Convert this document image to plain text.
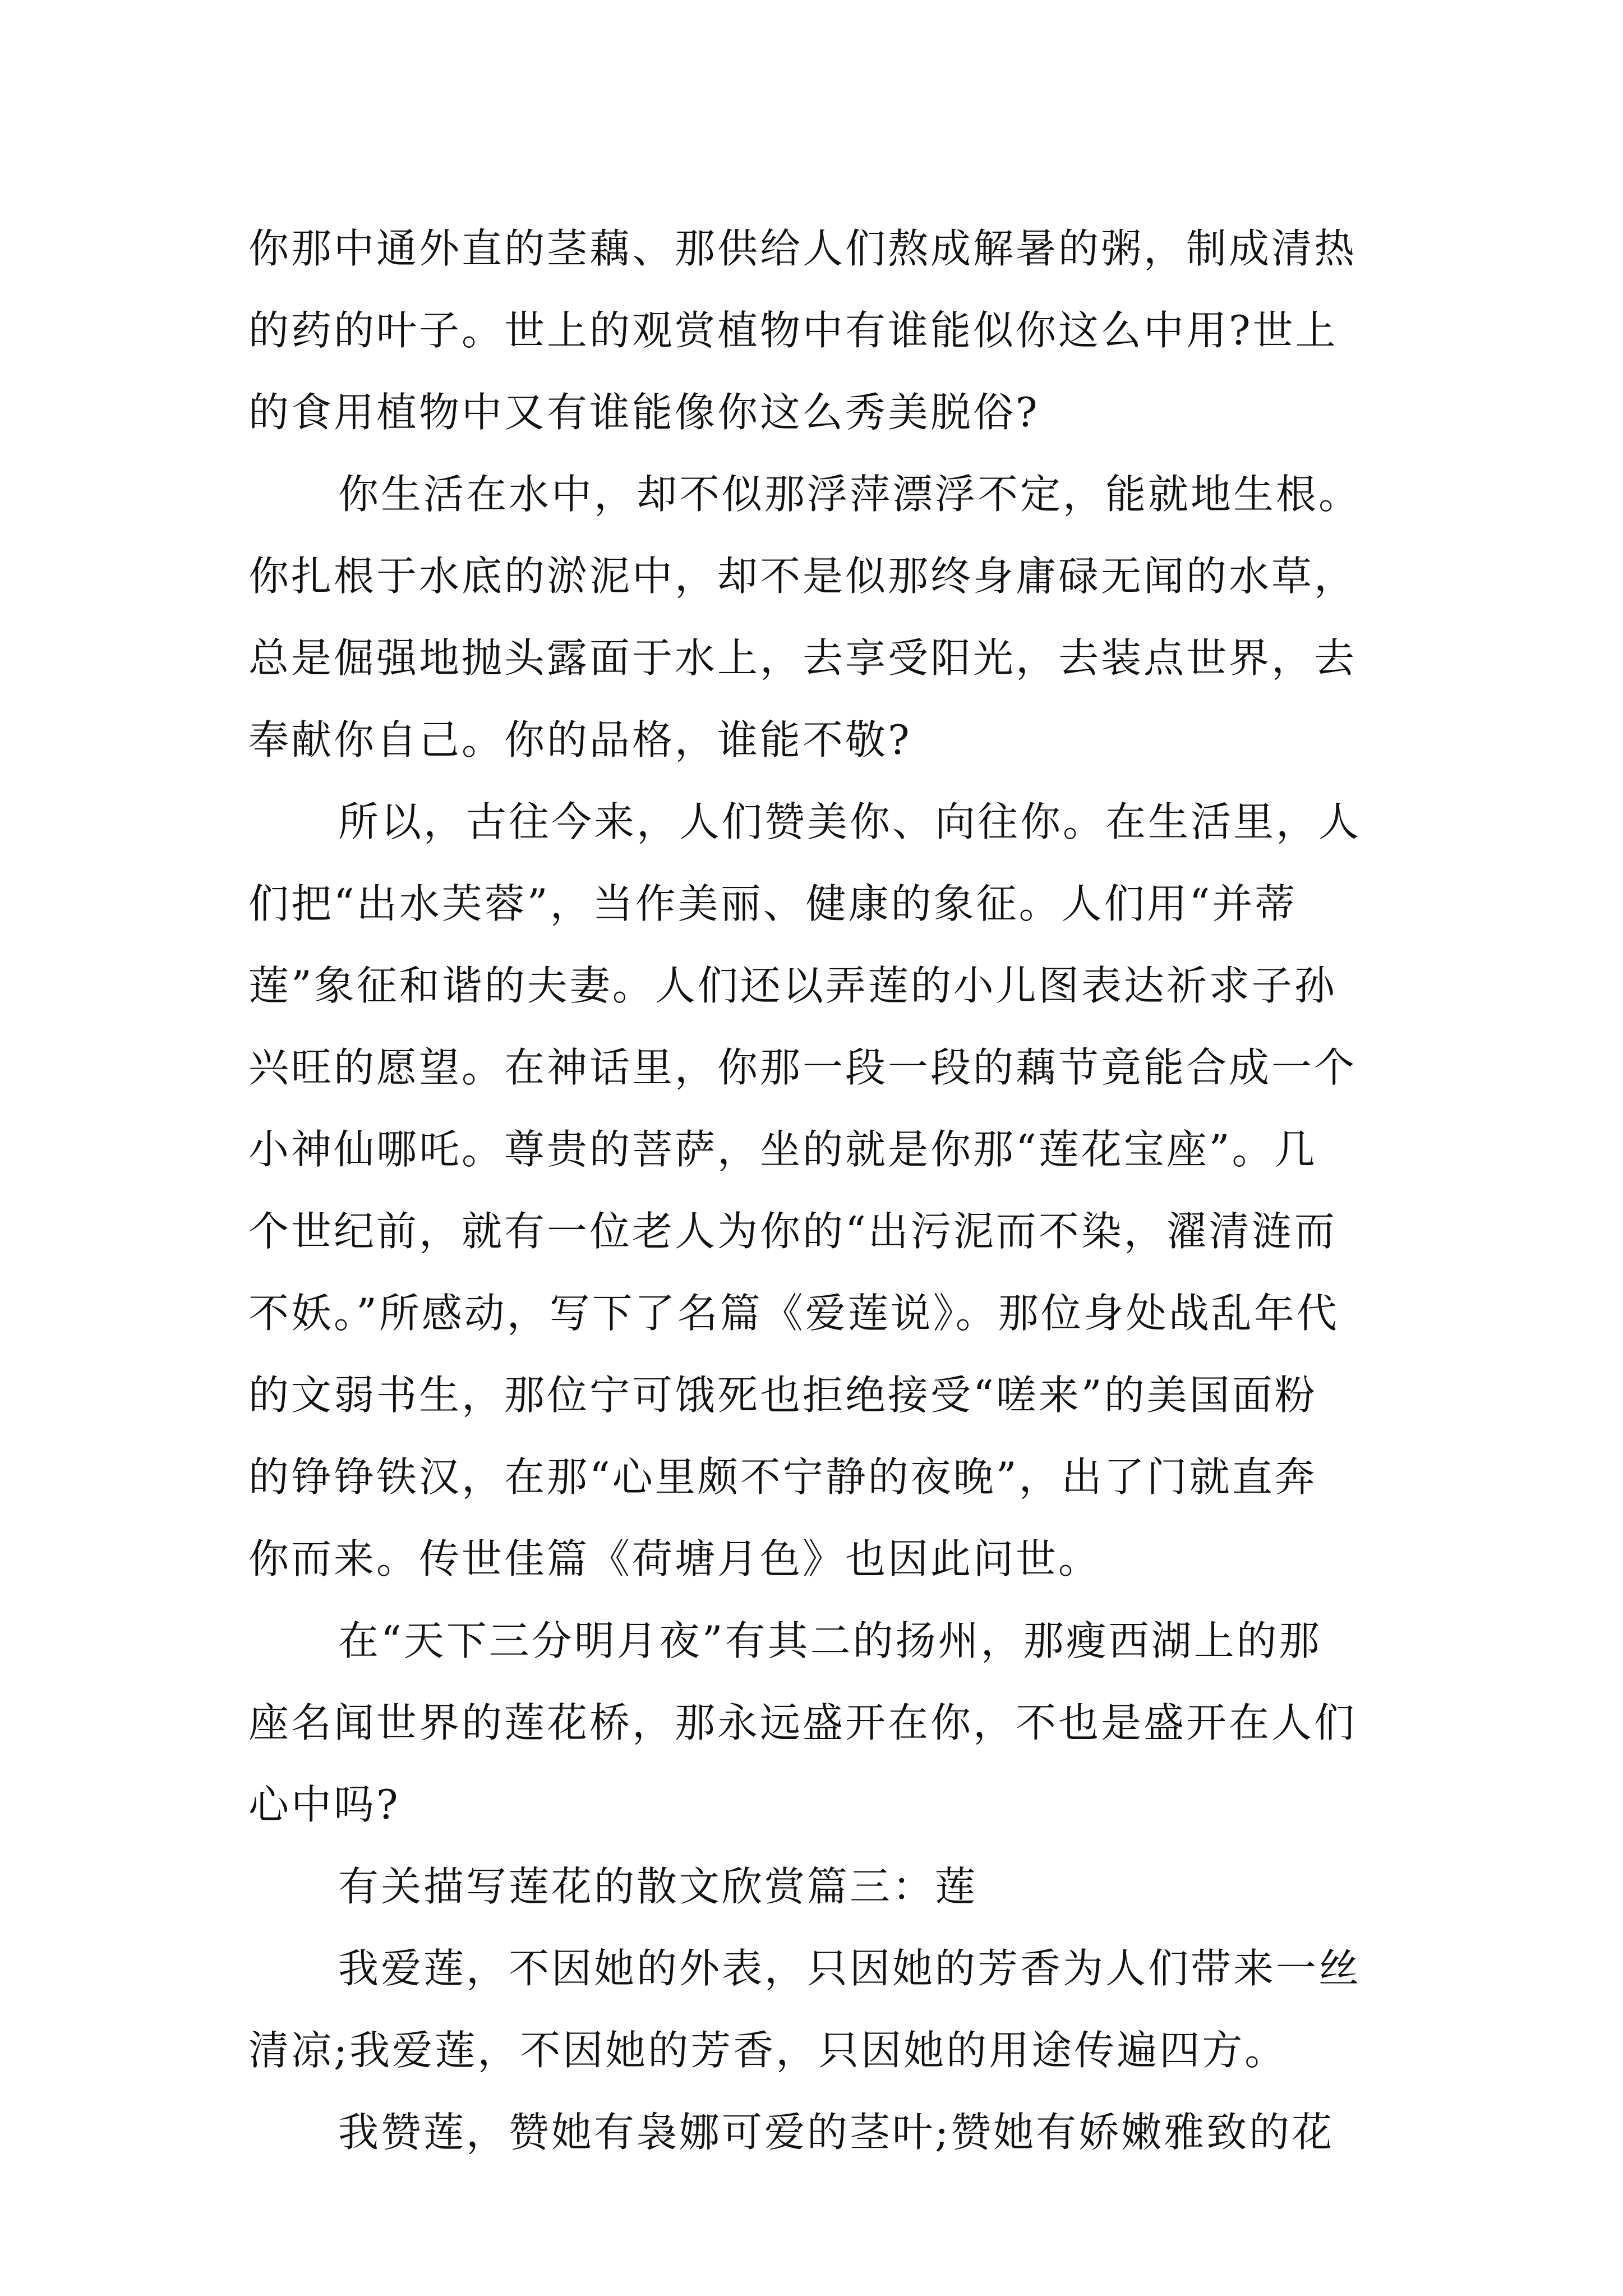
你那中通外直的茎藕、那供给人们熬成解暑的粥，制成清热
的药的叶子。世上的观赏植物中有谁能似你这么中用?世上
的食用植物中又有谁能像你这么秀美脱俗?
你生活在水中，却不似那浮萍漂浮不定，能就地生根。
你扎根于水底的淤泥中，却不是似那终身庸碌无闻的水草，
总是倔强地抛头露面于水上，去享受阳光，去装点世界，去
奉献你自己。你的品格，谁能不敬?
所以，古往今来，人们赞美你、向往你。在生活里，人
们把“出水芙蓉”，当作美丽、健康的象征。人们用“并蒂
莲”象征和谐的夫妻。人们还以弄莲的小儿图表达祈求子孙
兴旺的愿望。在神话里，你那一段一段的藕节竟能合成一个
小神仙哪吒。尊贵的菩萨，坐的就是你那“莲花宝座”。几
个世纪前，就有一位老人为你的“出污泥而不染，濯清涟而
不妖。”所感动，写下了名篇《爱莲说》。那位身处战乱年代
的文弱书生，那位宁可饿死也拒绝接受“嗟来”的美国面粉
的铮铮铁汉，在那“心里颇不宁静的夜晚”，出了门就直奔
你而来。传世佳篇《荷塘月色》也因此问世。
在“天下三分明月夜”有其二的扬州，那瘦西湖上的那
座名闻世界的莲花桥，那永远盛开在你，不也是盛开在人们
心中吗?
有关描写莲花的散文欣赏篇三：莲
我爱莲，不因她的外表，只因她的芳香为人们带来一丝
清凉;我爱莲，不因她的芳香，只因她的用途传遍四方。
我赞莲，赞她有袅娜可爱的茎叶;赞她有娇嫩雅致的花
